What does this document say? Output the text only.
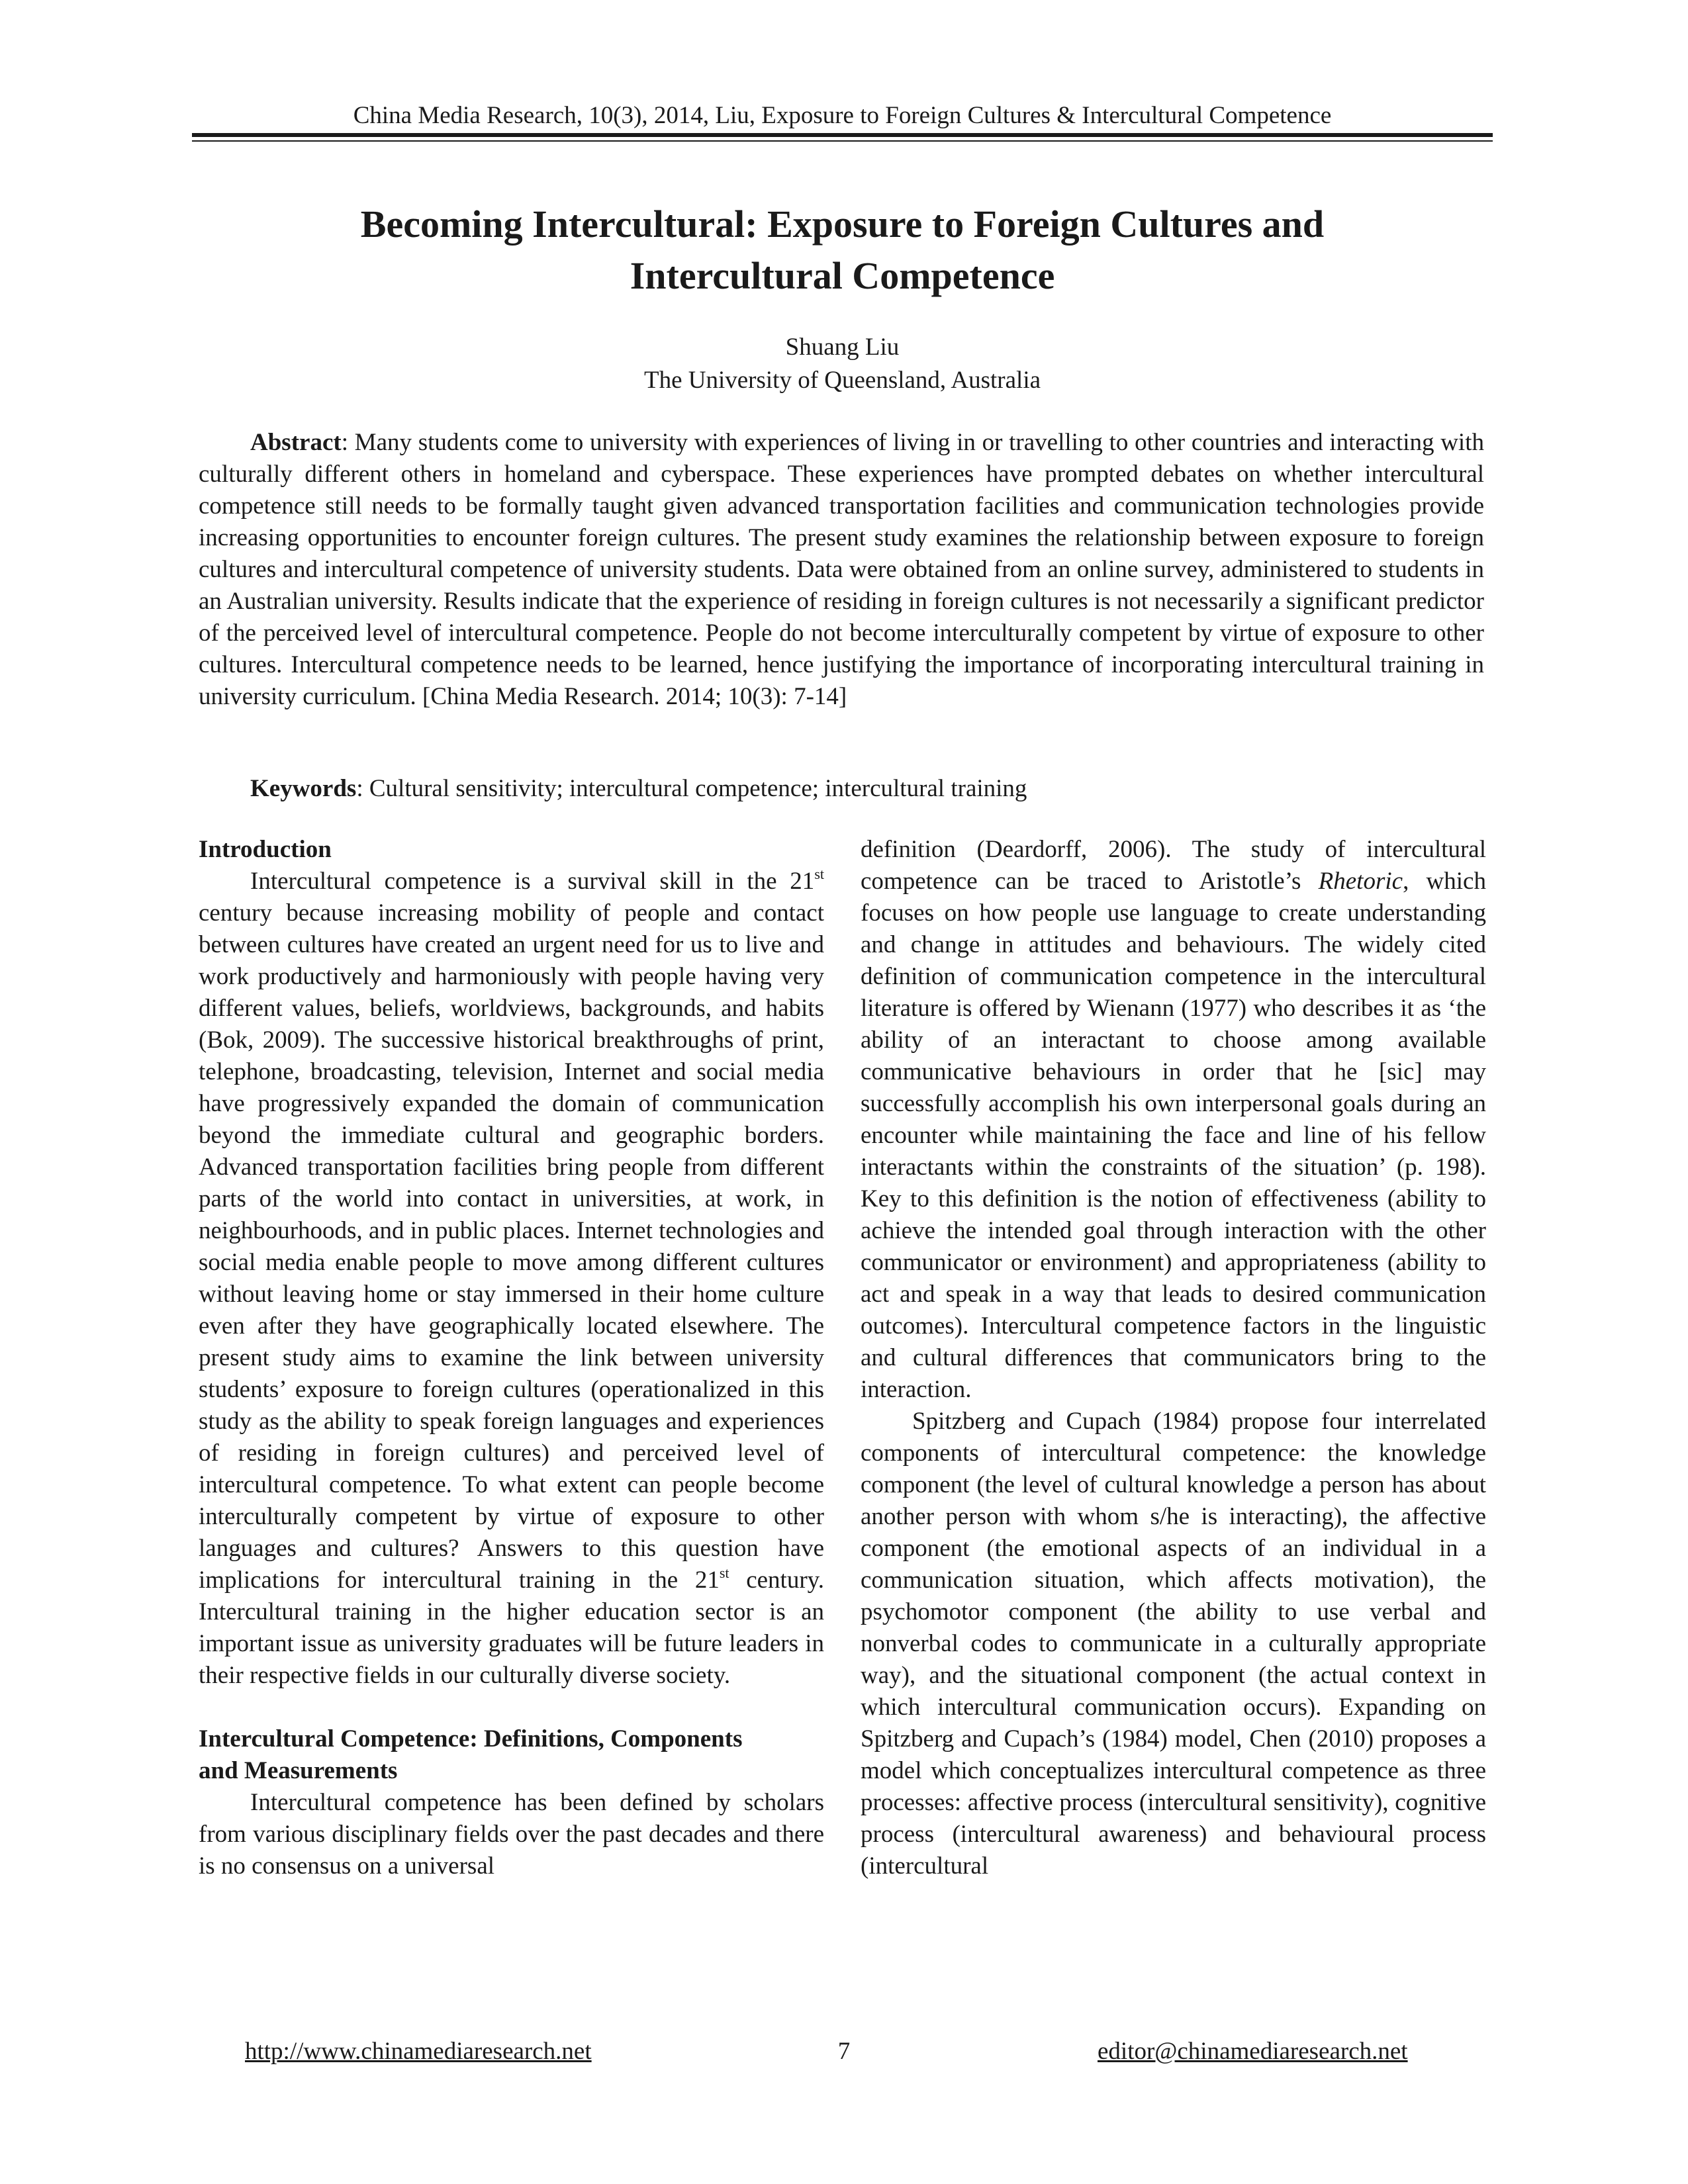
China Media Research, 10(3), 2014, Liu, Exposure to Foreign Cultures & Intercultural Competence
Becoming Intercultural: Exposure to Foreign Cultures and
Intercultural Competence
Shuang Liu
The University of Queensland, Australia

Abstract: Many students come to university with experiences of living in or travelling to other countries and interacting with culturally different others in homeland and cyberspace. These experiences have prompted debates on whether intercultural competence still needs to be formally taught given advanced transportation facilities and communication technologies provide increasing opportunities to encounter foreign cultures. The present study examines the relationship between exposure to foreign cultures and intercultural competence of university students. Data were obtained from an online survey, administered to students in an Australian university. Results indicate that the experience of residing in foreign cultures is not necessarily a significant predictor of the perceived level of intercultural competence. People do not become interculturally competent by virtue of exposure to other cultures. Intercultural competence needs to be learned, hence justifying the importance of incorporating intercultural training in university curriculum. [China Media Research. 2014; 10(3): 7-14]

Keywords: Cultural sensitivity; intercultural competence; intercultural training

Introduction

Intercultural competence is a survival skill in the 21st century because increasing mobility of people and contact between cultures have created an urgent need for us to live and work productively and harmoniously with people having very different values, beliefs, worldviews, backgrounds, and habits (Bok, 2009). The successive historical breakthroughs of print, telephone, broadcasting, television, Internet and social media have progressively expanded the domain of communication beyond the immediate cultural and geographic borders. Advanced transportation facilities bring people from different parts of the world into contact in universities, at work, in neighbourhoods, and in public places. Internet technologies and social media enable people to move among different cultures without leaving home or stay immersed in their home culture even after they have geographically located elsewhere. The present study aims to examine the link between university students’ exposure to foreign cultures (operationalized in this study as the ability to speak foreign languages and experiences of residing in foreign cultures) and perceived level of intercultural competence. To what extent can people become interculturally competent by virtue of exposure to other languages and cultures? Answers to this question have implications for intercultural training in the 21st century. Intercultural training in the higher education sector is an important issue as university graduates will be future leaders in their respective fields in our culturally diverse society.

Intercultural Competence: Definitions, Components
and Measurements

Intercultural competence has been defined by scholars from various disciplinary fields over the past decades and there is no consensus on a universal

definition (Deardorff, 2006). The study of intercultural competence can be traced to Aristotle’s Rhetoric, which focuses on how people use language to create understanding and change in attitudes and behaviours. The widely cited definition of communication competence in the intercultural literature is offered by Wienann (1977) who describes it as ‘the ability of an interactant to choose among available communicative behaviours in order that he [sic] may successfully accomplish his own interpersonal goals during an encounter while maintaining the face and line of his fellow interactants within the constraints of the situation’ (p. 198). Key to this definition is the notion of effectiveness (ability to achieve the intended goal through interaction with the other communicator or environment) and appropriateness (ability to act and speak in a way that leads to desired communication outcomes). Intercultural competence factors in the linguistic and cultural differences that communicators bring to the interaction.

Spitzberg and Cupach (1984) propose four interrelated components of intercultural competence: the knowledge component (the level of cultural knowledge a person has about another person with whom s/he is interacting), the affective component (the emotional aspects of an individual in a communication situation, which affects motivation), the psychomotor component (the ability to use verbal and nonverbal codes to communicate in a culturally appropriate way), and the situational component (the actual context in which intercultural communication occurs). Expanding on Spitzberg and Cupach’s (1984) model, Chen (2010) proposes a model which conceptualizes intercultural competence as three processes: affective process (intercultural sensitivity), cognitive process (intercultural awareness) and behavioural process (intercultural

http://www.chinamediaresearch.net	7	editor@chinamediaresearch.net
